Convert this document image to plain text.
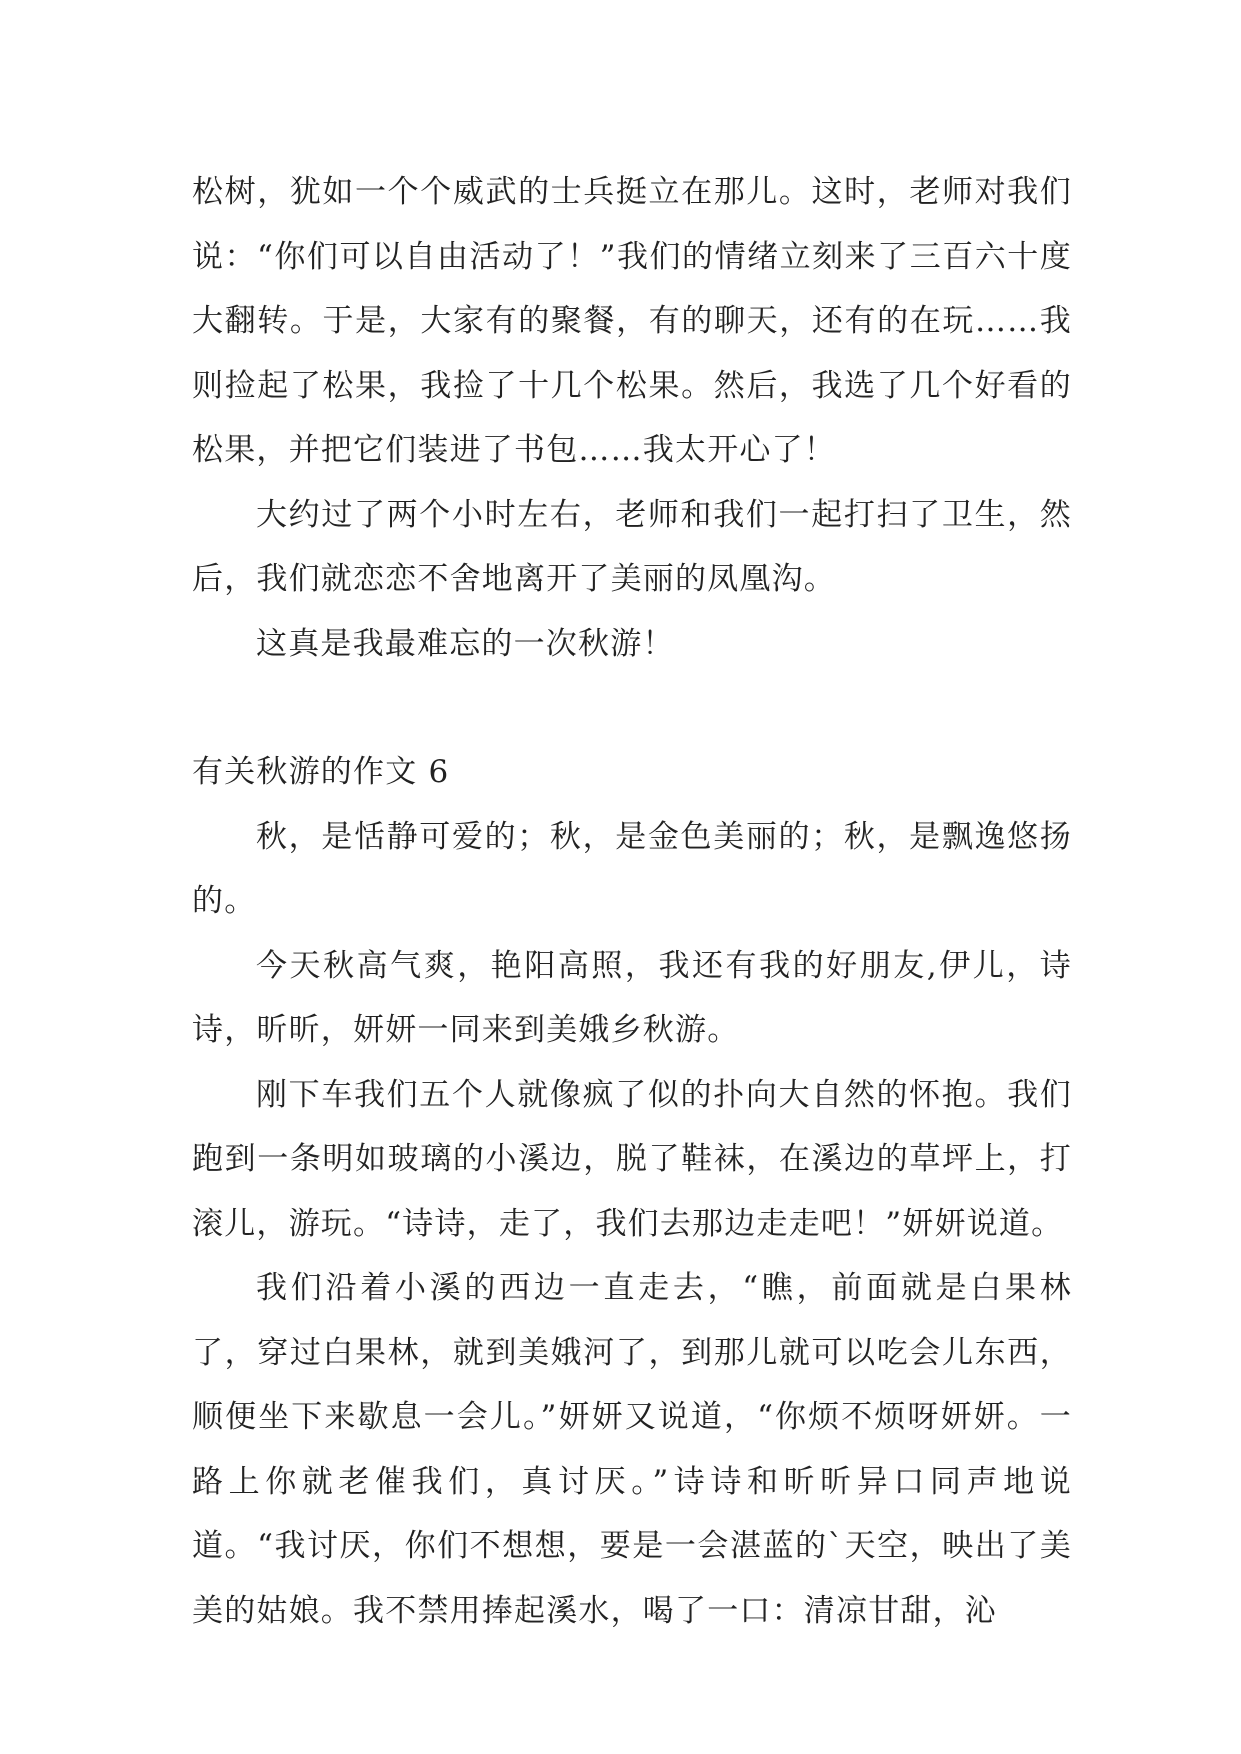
松树，犹如一个个威武的士兵挺立在那儿。这时，老师对我们说：“你们可以自由活动了！”我们的情绪立刻来了三百六十度大翻转。于是，大家有的聚餐，有的聊天，还有的在玩……我则捡起了松果，我捡了十几个松果。然后，我选了几个好看的松果，并把它们装进了书包……我太开心了！

大约过了两个小时左右，老师和我们一起打扫了卫生，然后，我们就恋恋不舍地离开了美丽的凤凰沟。

这真是我最难忘的一次秋游！

有关秋游的作文 6

秋，是恬静可爱的；秋，是金色美丽的；秋，是飘逸悠扬的。

今天秋高气爽，艳阳高照，我还有我的好朋友,伊儿，诗诗，昕昕，妍妍一同来到美娥乡秋游。

刚下车我们五个人就像疯了似的扑向大自然的怀抱。我们跑到一条明如玻璃的小溪边，脱了鞋袜，在溪边的草坪上，打滚儿，游玩。“诗诗，走了，我们去那边走走吧！”妍妍说道。

我们沿着小溪的西边一直走去，“瞧，前面就是白果林了，穿过白果林，就到美娥河了，到那儿就可以吃会儿东西，顺便坐下来歇息一会儿。”妍妍又说道，“你烦不烦呀妍妍。一路上你就老催我们，真讨厌。”诗诗和昕昕异口同声地说道。“我讨厌，你们不想想，要是一会湛蓝的`天空，映出了美美的姑娘。我不禁用捧起溪水，喝了一口：清凉甘甜，沁
